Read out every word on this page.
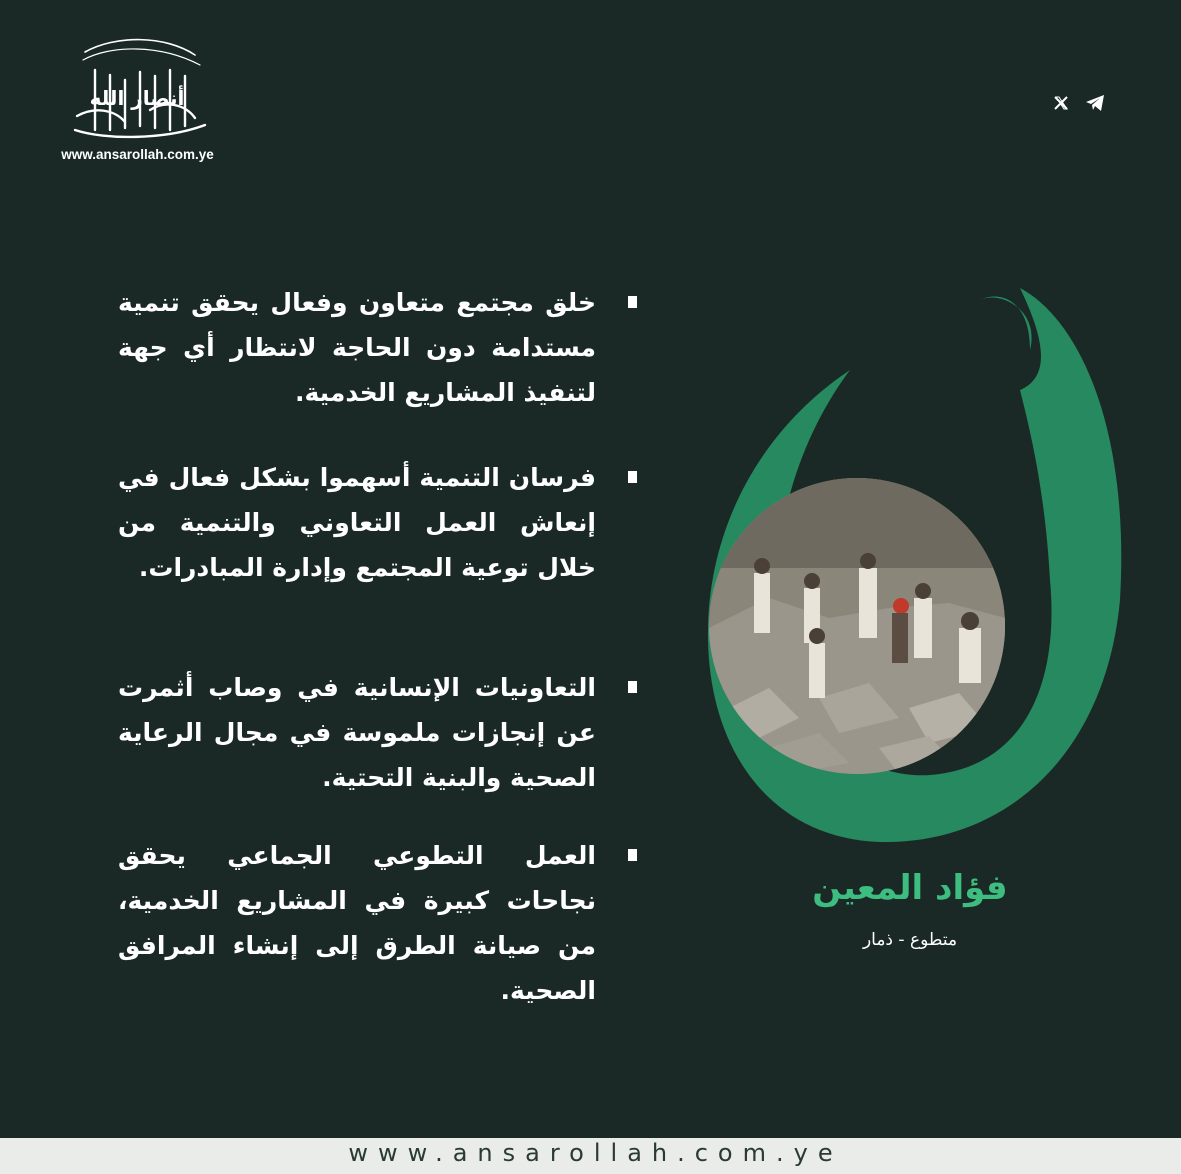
أنصار الله
www.ansarollah.com.ye
خلق مجتمع متعاون وفعال يحقق تنمية مستدامة دون الحاجة لانتظار أي جهة لتنفيذ المشاريع الخدمية.
فرسان التنمية أسهموا بشكل فعال في إنعاش العمل التعاوني والتنمية من خلال توعية المجتمع وإدارة المبادرات.
التعاونيات الإنسانية في وصاب أثمرت عن إنجازات ملموسة في مجال الرعاية الصحية والبنية التحتية.
العمل التطوعي الجماعي يحقق نجاحات كبيرة في المشاريع الخدمية، من صيانة الطرق إلى إنشاء المرافق الصحية.
فؤاد المعين
متطوع - ذمار
www.ansarollah.com.ye
